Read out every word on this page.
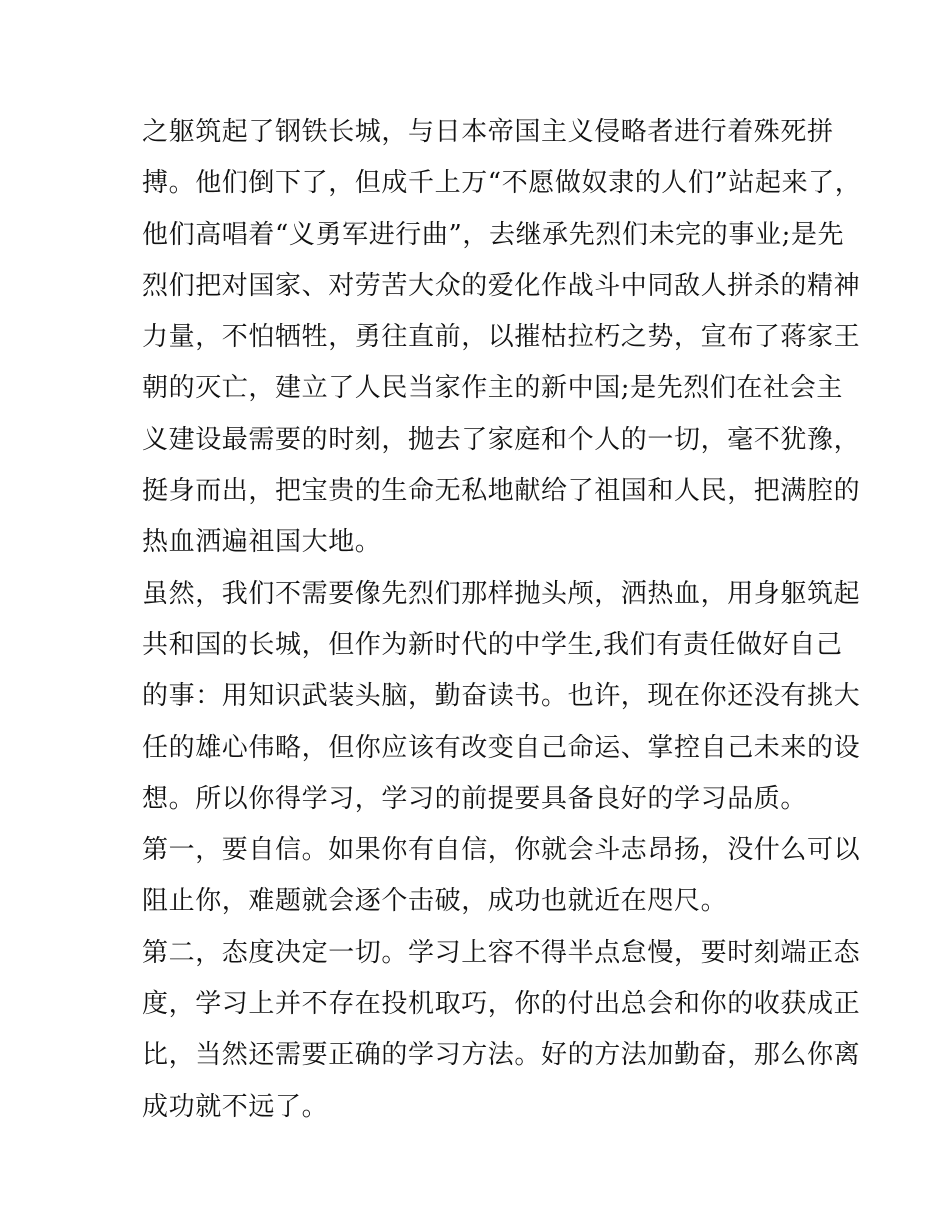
之躯筑起了钢铁长城，与日本帝国主义侵略者进行着殊死拼
搏。他们倒下了，但成千上万“不愿做奴隶的人们”站起来了，
他们高唱着“义勇军进行曲”，去继承先烈们未完的事业;是先
烈们把对国家、对劳苦大众的爱化作战斗中同敌人拼杀的精神
力量，不怕牺牲，勇往直前，以摧枯拉朽之势，宣布了蒋家王
朝的灭亡，建立了人民当家作主的新中国;是先烈们在社会主
义建设最需要的时刻，抛去了家庭和个人的一切，毫不犹豫，
挺身而出，把宝贵的生命无私地献给了祖国和人民，把满腔的
热血洒遍祖国大地。
虽然，我们不需要像先烈们那样抛头颅，洒热血，用身躯筑起
共和国的长城，但作为新时代的中学生,我们有责任做好自己
的事：用知识武装头脑，勤奋读书。也许，现在你还没有挑大
任的雄心伟略，但你应该有改变自己命运、掌控自己未来的设
想。所以你得学习，学习的前提要具备良好的学习品质。
第一，要自信。如果你有自信，你就会斗志昂扬，没什么可以
阻止你，难题就会逐个击破，成功也就近在咫尺。
第二，态度决定一切。学习上容不得半点怠慢，要时刻端正态
度，学习上并不存在投机取巧，你的付出总会和你的收获成正
比，当然还需要正确的学习方法。好的方法加勤奋，那么你离
成功就不远了。
